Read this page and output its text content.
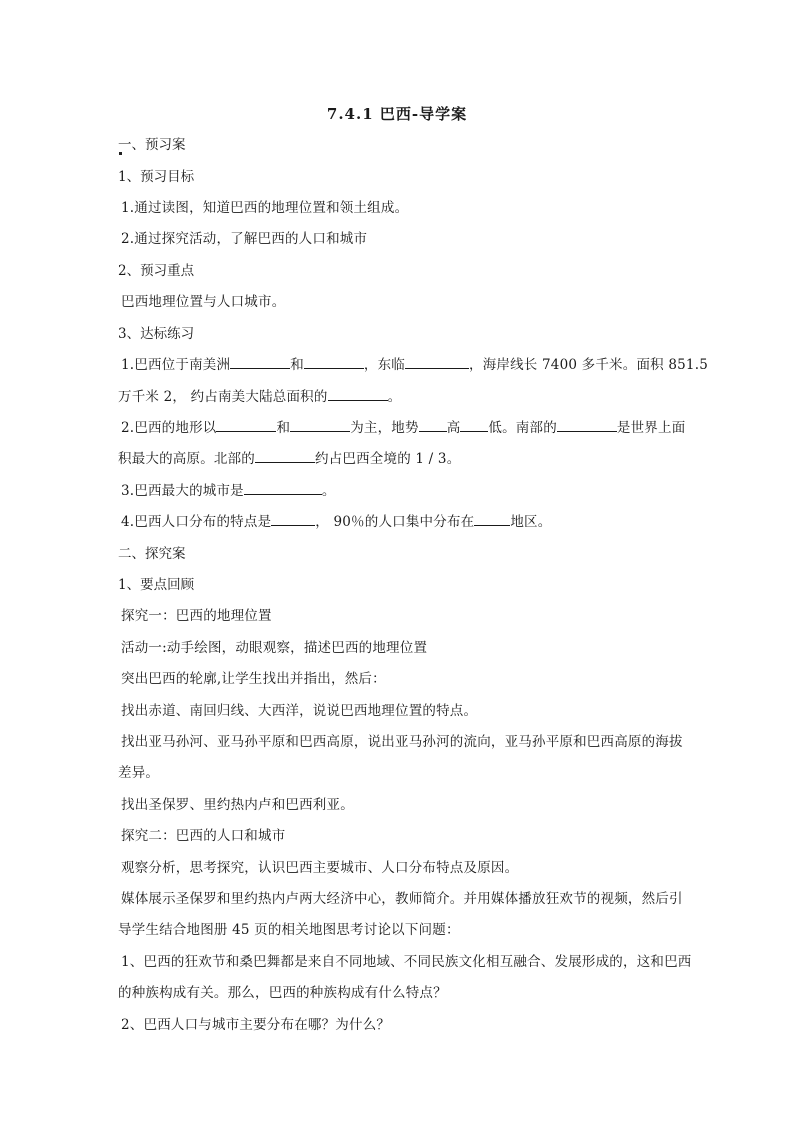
7.4.1 巴西-导学案
一、预习案
1、预习目标
1.通过读图，知道巴西的地理位置和领土组成。
2.通过探究活动，了解巴西的人口和城市
2、预习重点
巴西地理位置与人口城市。
3、达标练习
1.巴西位于南美洲	和	，东临	，海岸线长 7400 多千米。面积 851.5
万千米 2， 约占南美大陆总面积的	。
2.巴西的地形以	和	为主，地势 高 低。南部的	是世界上面
积最大的高原。北部的	约占巴西全境的 1 / 3。
3.巴西最大的城市是	。
4.巴西人口分布的特点是	， 90％的人口集中分布在	地区。
二、探究案
1、要点回顾
探究一：巴西的地理位置
活动一:动手绘图，动眼观察，描述巴西的地理位置
突出巴西的轮廓,让学生找出并指出，然后：
找出赤道、南回归线、大西洋，说说巴西地理位置的特点。
找出亚马孙河、亚马孙平原和巴西高原，说出亚马孙河的流向，亚马孙平原和巴西高原的海拔
差异。
找出圣保罗、里约热内卢和巴西利亚。
探究二：巴西的人口和城市
观察分析，思考探究，认识巴西主要城市、人口分布特点及原因。
媒体展示圣保罗和里约热内卢两大经济中心，教师简介。并用媒体播放狂欢节的视频，然后引
导学生结合地图册 45 页的相关地图思考讨论以下问题：
1、巴西的狂欢节和桑巴舞都是来自不同地域、不同民族文化相互融合、发展形成的，这和巴西
的种族构成有关。那么，巴西的种族构成有什么特点？
2、巴西人口与城市主要分布在哪？为什么？
